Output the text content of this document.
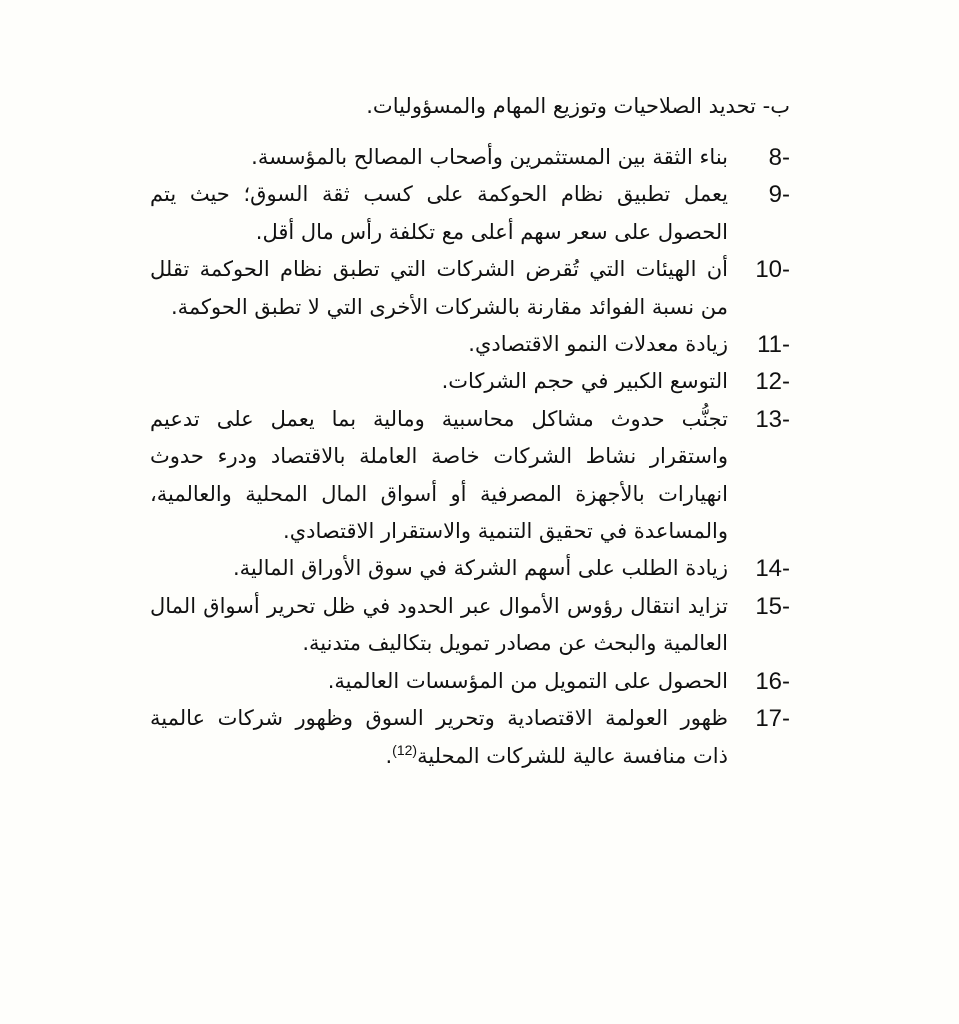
ب- تحديد الصلاحيات وتوزيع المهام والمسؤوليات.

8-
بناء الثقة بين المستثمرين وأصحاب المصالح بالمؤسسة.
9-
يعمل تطبيق نظام الحوكمة على كسب ثقة السوق؛ حيث يتم الحصول على سعر سهم أعلى مع تكلفة رأس مال أقل.
10-
أن الهيئات التي تُقرض الشركات التي تطبق نظام الحوكمة تقلل من نسبة الفوائد مقارنة بالشركات الأخرى التي لا تطبق الحوكمة.
11-
زيادة معدلات النمو الاقتصادي.
12-
التوسع الكبير في حجم الشركات.
13-
تجنُّب حدوث مشاكل محاسبية ومالية بما يعمل على تدعيم واستقرار نشاط الشركات خاصة العاملة بالاقتصاد ودرء حدوث انهيارات بالأجهزة المصرفية أو أسواق المال المحلية والعالمية، والمساعدة في تحقيق التنمية والاستقرار الاقتصادي.
14-
زيادة الطلب على أسهم الشركة في سوق الأوراق المالية.
15-
تزايد انتقال رؤوس الأموال عبر الحدود في ظل تحرير أسواق المال العالمية والبحث عن مصادر تمويل بتكاليف متدنية.
16-
الحصول على التمويل من المؤسسات العالمية.
17-
ظهور العولمة الاقتصادية وتحرير السوق وظهور شركات عالمية ذات منافسة عالية للشركات المحلية$^{(12)}$.
